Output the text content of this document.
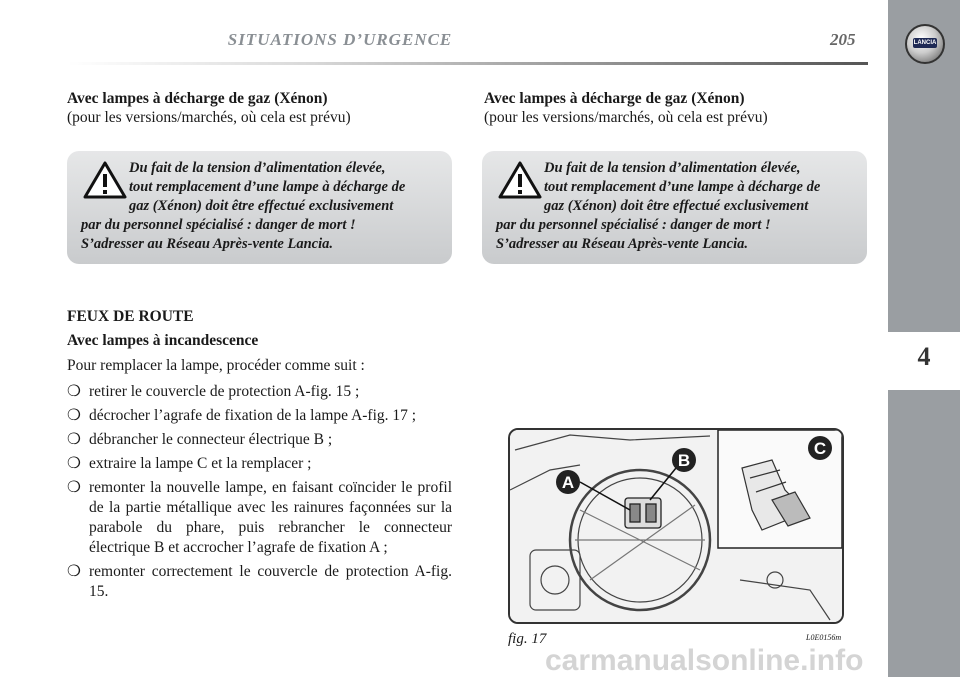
SITUATIONS D’URGENCE	205	LANCIA
4
Avec lampes à décharge de gaz (Xénon)
(pour les versions/marchés, où cela est prévu)
Du fait de la tension d’alimentation élevée,
tout remplacement d’une lampe à décharge de
gaz (Xénon) doit être effectué exclusivement
par du personnel spécialisé : danger de mort !
S’adresser au Réseau Après-vente Lancia.
Avec lampes à décharge de gaz (Xénon)
(pour les versions/marchés, où cela est prévu)
Du fait de la tension d’alimentation élevée,
tout remplacement d’une lampe à décharge de
gaz (Xénon) doit être effectué exclusivement
par du personnel spécialisé : danger de mort !
S’adresser au Réseau Après-vente Lancia.
FEUX DE ROUTE
Avec lampes à incandescence
Pour remplacer la lampe, procéder comme suit :
❍ retirer le couvercle de protection A-fig. 15 ;
❍ décrocher l’agrafe de fixation de la lampe A-fig. 17 ;
❍ débrancher le connecteur électrique B ;
❍ extraire la lampe C et la remplacer ;
❍ remonter la nouvelle lampe, en faisant coïncider le profil de la partie métallique avec les rainures façonnées sur la parabole du phare, puis rebrancher le connecteur électrique B et accrocher l’agrafe de fixation A ;
❍ remonter correctement le couvercle de protection A-fig. 15.
A
B
C
fig. 17	L0E0156m
carmanualsonline.info
